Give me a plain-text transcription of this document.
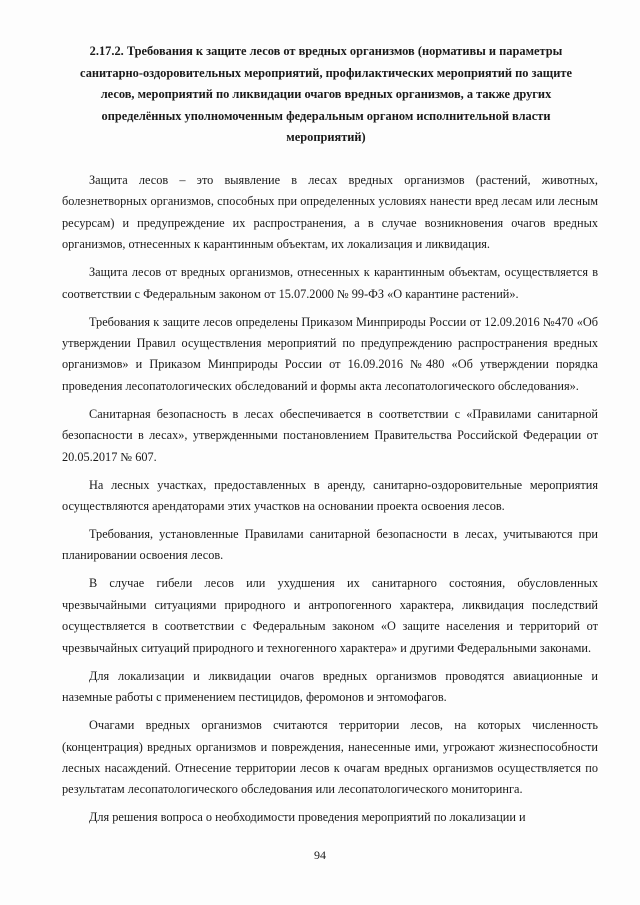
2.17.2. Требования к защите лесов от вредных организмов (нормативы и параметры санитарно-оздоровительных мероприятий, профилактических мероприятий по защите лесов, мероприятий по ликвидации очагов вредных организмов, а также других определённых уполномоченным федеральным органом исполнительной власти мероприятий)

Защита лесов – это выявление в лесах вредных организмов (растений, животных, болезнетворных организмов, способных при определенных условиях нанести вред лесам или лесным ресурсам) и предупреждение их распространения, а в случае возникновения очагов вредных организмов, отнесенных к карантинным объектам, их локализация и ликвидация.

Защита лесов от вредных организмов, отнесенных к карантинным объектам, осуществляется в соответствии с Федеральным законом от 15.07.2000 № 99-ФЗ «О карантине растений».

Требования к защите лесов определены Приказом Минприроды России от 12.09.2016 №470 «Об утверждении Правил осуществления мероприятий по предупреждению распространения вредных организмов» и Приказом Минприроды России от 16.09.2016 №480 «Об утверждении порядка проведения лесопатологических обследований и формы акта лесопатологического обследования».

Санитарная безопасность в лесах обеспечивается в соответствии с «Правилами санитарной безопасности в лесах», утвержденными постановлением Правительства Российской Федерации от 20.05.2017 № 607.

На лесных участках, предоставленных в аренду, санитарно-оздоровительные мероприятия осуществляются арендаторами этих участков на основании проекта освоения лесов.

Требования, установленные Правилами санитарной безопасности в лесах, учитываются при планировании освоения лесов.

В случае гибели лесов или ухудшения их санитарного состояния, обусловленных чрезвычайными ситуациями природного и антропогенного характера, ликвидация последствий осуществляется в соответствии с Федеральным законом «О защите населения и территорий от чрезвычайных ситуаций природного и техногенного характера» и другими Федеральными законами.

Для локализации и ликвидации очагов вредных организмов проводятся авиационные и наземные работы с применением пестицидов, феромонов и энтомофагов.

Очагами вредных организмов считаются территории лесов, на которых численность (концентрация) вредных организмов и повреждения, нанесенные ими, угрожают жизнеспособности лесных насаждений. Отнесение территории лесов к очагам вредных организмов осуществляется по результатам лесопатологического обследования или лесопатологического мониторинга.

Для решения вопроса о необходимости проведения мероприятий по локализации и

94
